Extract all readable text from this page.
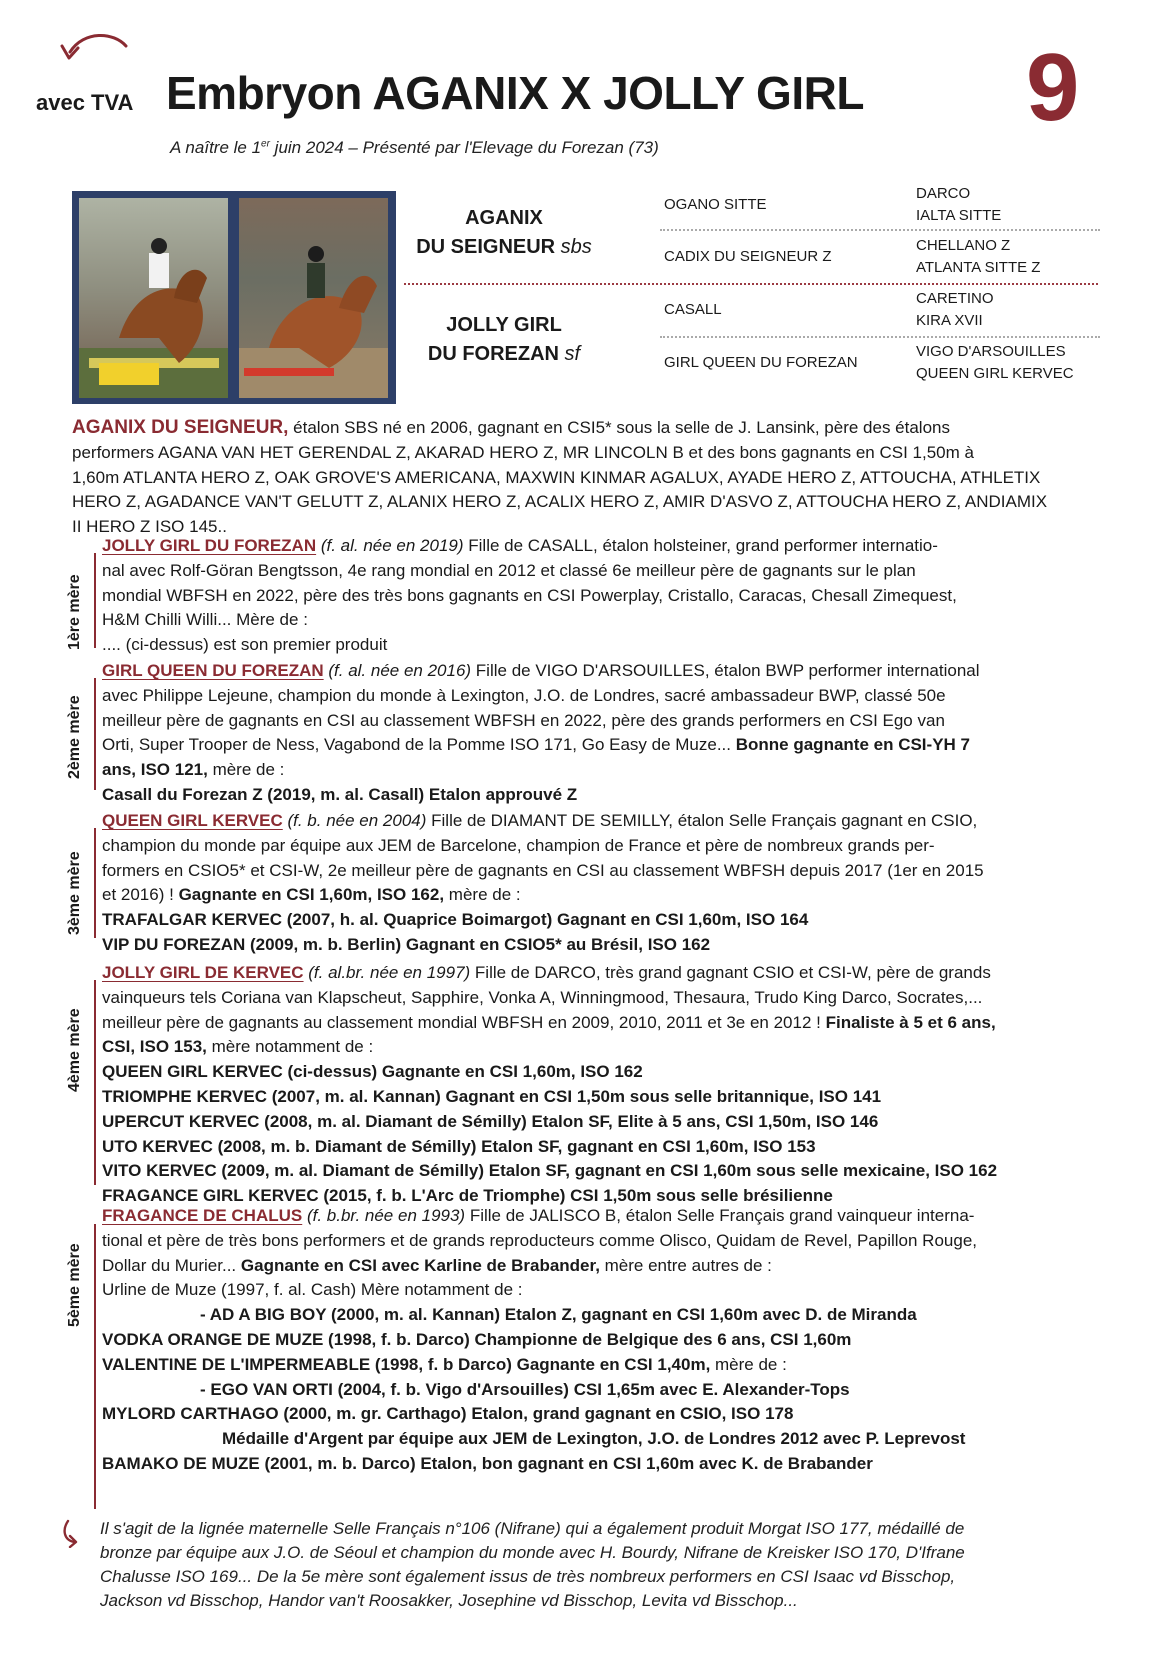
avec TVA Embryon AGANIX X JOLLY GIRL 9
A naître le 1er juin 2024 – Présenté par l'Elevage du Forezan (73)
AGANIX
DU SEIGNEUR sbs
JOLLY GIRL
DU FOREZAN sf
OGANO SITTE
CADIX DU SEIGNEUR Z
CASALL
GIRL QUEEN DU FOREZAN
DARCO
IALTA SITTE
CHELLANO Z
ATLANTA SITTE Z
CARETINO
KIRA XVII
VIGO D'ARSOUILLES
QUEEN GIRL KERVEC
AGANIX DU SEIGNEUR, étalon SBS né en 2006, gagnant en CSI5* sous la selle de J. Lansink, père des étalons
performers AGANA VAN HET GERENDAL Z, AKARAD HERO Z, MR LINCOLN B et des bons gagnants en CSI 1,50m à
1,60m ATLANTA HERO Z, OAK GROVE'S AMERICANA, MAXWIN KINMAR AGALUX, AYADE HERO Z, ATTOUCHA, ATHLETIX
HERO Z, AGADANCE VAN'T GELUTT Z, ALANIX HERO Z, ACALIX HERO Z, AMIR D'ASVO Z, ATTOUCHA HERO Z, ANDIAMIX
II HERO Z ISO 145..
1ère mère
JOLLY GIRL DU FOREZAN (f. al. née en 2019) Fille de CASALL, étalon holsteiner, grand performer internatio-
nal avec Rolf-Göran Bengtsson, 4e rang mondial en 2012 et classé 6e meilleur père de gagnants sur le plan
mondial WBFSH en 2022, père des très bons gagnants en CSI Powerplay, Cristallo, Caracas, Chesall Zimequest,
H&M Chilli Willi... Mère de :
.... (ci-dessus) est son premier produit
2ème mère
GIRL QUEEN DU FOREZAN (f. al. née en 2016) Fille de VIGO D'ARSOUILLES, étalon BWP performer international
avec Philippe Lejeune, champion du monde à Lexington, J.O. de Londres, sacré ambassadeur BWP, classé 50e
meilleur père de gagnants en CSI au classement WBFSH en 2022, père des grands performers en CSI Ego van
Orti, Super Trooper de Ness, Vagabond de la Pomme ISO 171, Go Easy de Muze... Bonne gagnante en CSI-YH 7
ans, ISO 121, mère de :
Casall du Forezan Z (2019, m. al. Casall) Etalon approuvé Z
3ème mère
QUEEN GIRL KERVEC (f. b. née en 2004) Fille de DIAMANT DE SEMILLY, étalon Selle Français gagnant en CSIO,
champion du monde par équipe aux JEM de Barcelone, champion de France et père de nombreux grands per-
formers en CSIO5* et CSI-W, 2e meilleur père de gagnants en CSI au classement WBFSH depuis 2017 (1er en 2015
et 2016) ! Gagnante en CSI 1,60m, ISO 162, mère de :
TRAFALGAR KERVEC (2007, h. al. Quaprice Boimargot) Gagnant en CSI 1,60m, ISO 164
VIP DU FOREZAN (2009, m. b. Berlin) Gagnant en CSIO5* au Brésil, ISO 162
4ème mère
JOLLY GIRL DE KERVEC (f. al.br. née en 1997) Fille de DARCO, très grand gagnant CSIO et CSI-W, père de grands
vainqueurs tels Coriana van Klapscheut, Sapphire, Vonka A, Winningmood, Thesaura, Trudo King Darco, Socrates,...
meilleur père de gagnants au classement mondial WBFSH en 2009, 2010, 2011 et 3e en 2012 ! Finaliste à 5 et 6 ans,
CSI, ISO 153, mère notamment de :
QUEEN GIRL KERVEC (ci-dessus) Gagnante en CSI 1,60m, ISO 162
TRIOMPHE KERVEC (2007, m. al. Kannan) Gagnant en CSI 1,50m sous selle britannique, ISO 141
UPERCUT KERVEC (2008, m. al. Diamant de Sémilly) Etalon SF, Elite à 5 ans, CSI 1,50m, ISO 146
UTO KERVEC (2008, m. b. Diamant de Sémilly) Etalon SF, gagnant en CSI 1,60m, ISO 153
VITO KERVEC (2009, m. al. Diamant de Sémilly) Etalon SF, gagnant en CSI 1,60m sous selle mexicaine, ISO 162
FRAGANCE GIRL KERVEC (2015, f. b. L'Arc de Triomphe) CSI 1,50m sous selle brésilienne
5ème mère
FRAGANCE DE CHALUS (f. b.br. née en 1993) Fille de JALISCO B, étalon Selle Français grand vainqueur interna-
tional et père de très bons performers et de grands reproducteurs comme Olisco, Quidam de Revel, Papillon Rouge,
Dollar du Murier... Gagnante en CSI avec Karline de Brabander, mère entre autres de :
Urline de Muze (1997, f. al. Cash) Mère notamment de :
- AD A BIG BOY (2000, m. al. Kannan) Etalon Z, gagnant en CSI 1,60m avec D. de Miranda
VODKA ORANGE DE MUZE (1998, f. b. Darco) Championne de Belgique des 6 ans, CSI 1,60m
VALENTINE DE L'IMPERMEABLE (1998, f. b Darco) Gagnante en CSI 1,40m, mère de :
- EGO VAN ORTI (2004, f. b. Vigo d'Arsouilles) CSI 1,65m avec E. Alexander-Tops
MYLORD CARTHAGO (2000, m. gr. Carthago) Etalon, grand gagnant en CSIO, ISO 178
Médaille d'Argent par équipe aux JEM de Lexington, J.O. de Londres 2012 avec P. Leprevost
BAMAKO DE MUZE (2001, m. b. Darco) Etalon, bon gagnant en CSI 1,60m avec K. de Brabander
Il s'agit de la lignée maternelle Selle Français n°106 (Nifrane) qui a également produit Morgat ISO 177, médaillé de
bronze par équipe aux J.O. de Séoul et champion du monde avec H. Bourdy, Nifrane de Kreisker ISO 170, D'Ifrane
Chalusse ISO 169... De la 5e mère sont également issus de très nombreux performers en CSI Isaac vd Bisschop,
Jackson vd Bisschop, Handor van't Roosakker, Josephine vd Bisschop, Levita vd Bisschop...
